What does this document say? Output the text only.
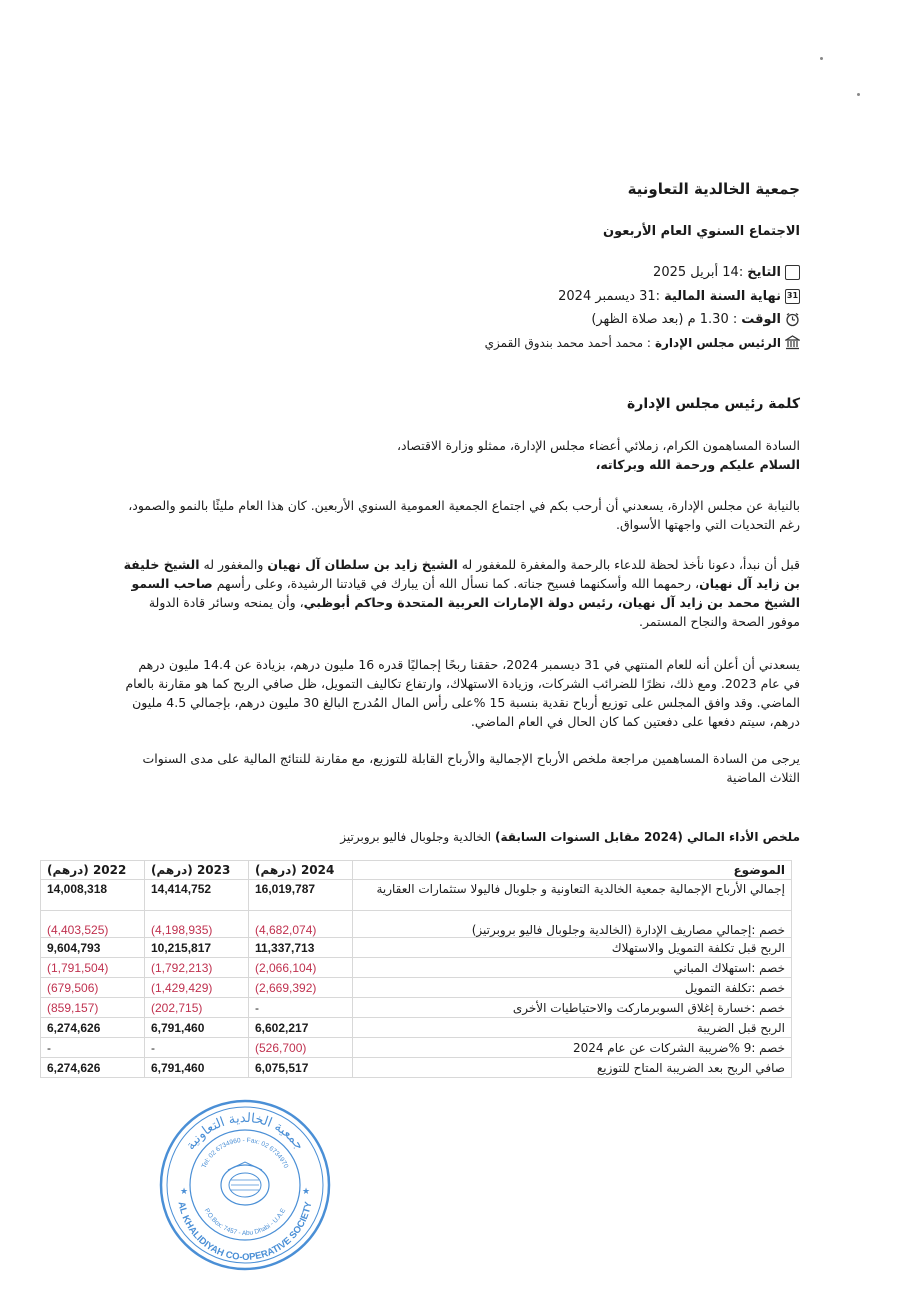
جمعية الخالدية التعاونية
الاجتماع السنوي العام الأربعون
التايخ
:14 أبريل 2025
31
نهاية السنة المالية
:31 ديسمبر 2024
الوقت
: 1.30 م (بعد صلاة الظهر)
الرئيس مجلس الإدارة
: محمد أحمد محمد بندوق القمزي
كلمة رئيس مجلس الإدارة
السادة المساهمون الكرام، زملائي أعضاء مجلس الإدارة، ممثلو وزارة الاقتصاد،
السلام عليكم ورحمة الله وبركاته،
بالنيابة عن مجلس الإدارة، يسعدني أن أرحب بكم في اجتماع الجمعية العمومية السنوي الأربعين. كان هذا العام مليئًا بالنمو والصمود، رغم التحديات التي واجهتها الأسواق.
قبل أن نبدأ، دعونا نأخذ لحظة للدعاء بالرحمة والمغفرة للمغفور له الشيخ زايد بن سلطان آل نهيان والمغفور له الشيخ خليفة بن زايد آل نهيان، رحمهما الله وأسكنهما فسيح جناته. كما نسأل الله أن يبارك في قيادتنا الرشيدة، وعلى رأسهم صاحب السمو الشيخ محمد بن زايد آل نهيان، رئيس دولة الإمارات العربية المتحدة وحاكم أبوظبي، وأن يمنحه وسائر قادة الدولة موفور الصحة والنجاح المستمر.
يسعدني أن أعلن أنه للعام المنتهي في 31 ديسمبر 2024، حققنا ربحًا إجماليًا قدره 16 مليون درهم، بزيادة عن 14.4 مليون درهم في عام 2023. ومع ذلك، نظرًا للضرائب الشركات، وزيادة الاستهلاك، وارتفاع تكاليف التمويل، ظل صافي الربح كما هو مقارنة بالعام الماضي. وقد وافق المجلس على توزيع أرباح نقدية بنسبة 15 %على رأس المال المُدرج البالغ 30 مليون درهم، بإجمالي 4.5 مليون درهم، سيتم دفعها على دفعتين كما كان الحال في العام الماضي.
يرجى من السادة المساهمين مراجعة ملخص الأرباح الإجمالية والأرباح القابلة للتوزيع، مع مقارنة للنتائج المالية على مدى السنوات الثلاث الماضية
ملخص الأداء المالي (2024 مقابل السنوات السابقة) الخالدية وجلوبال فاليو بروبرتيز
(درهم) 2022	(درهم) 2023	(درهم) 2024	الموضوع
14,008,318	14,414,752	16,019,787	إجمالي الأرباح الإجمالية جمعية الخالدية التعاونية و جلوبال فاليولا ستثمارات العقارية
(4,403,525)	(4,198,935)	(4,682,074)	خصم :إجمالي مصاريف الإدارة (الخالدية وجلوبال فاليو بروبرتيز)
9,604,793	10,215,817	11,337,713	الربح قبل تكلفة التمويل والاستهلاك
(1,791,504)	(1,792,213)	(2,066,104)	خصم :استهلاك المباني
(679,506)	(1,429,429)	(2,669,392)	خصم :تكلفة التمويل
(859,157)	(202,715)	-	خصم :خسارة إغلاق السوبرماركت والاحتياطيات الأخرى
6,274,626	6,791,460	6,602,217	الربح قبل الضريبة
-	-	(526,700)	خصم :9 %ضريبة الشركات عن عام 2024
6,274,626	6,791,460	6,075,517	صافي الربح بعد الضريبة المتاح للتوزيع
جمعية الخالدية التعاونية
AL KHALIDIYAH CO-OPERATIVE SOCIETY
Tel: 02 6734960 - Fax: 02 6734970
P.O.Box: 7457 - Abu Dhabi - U.A.E
★	★
